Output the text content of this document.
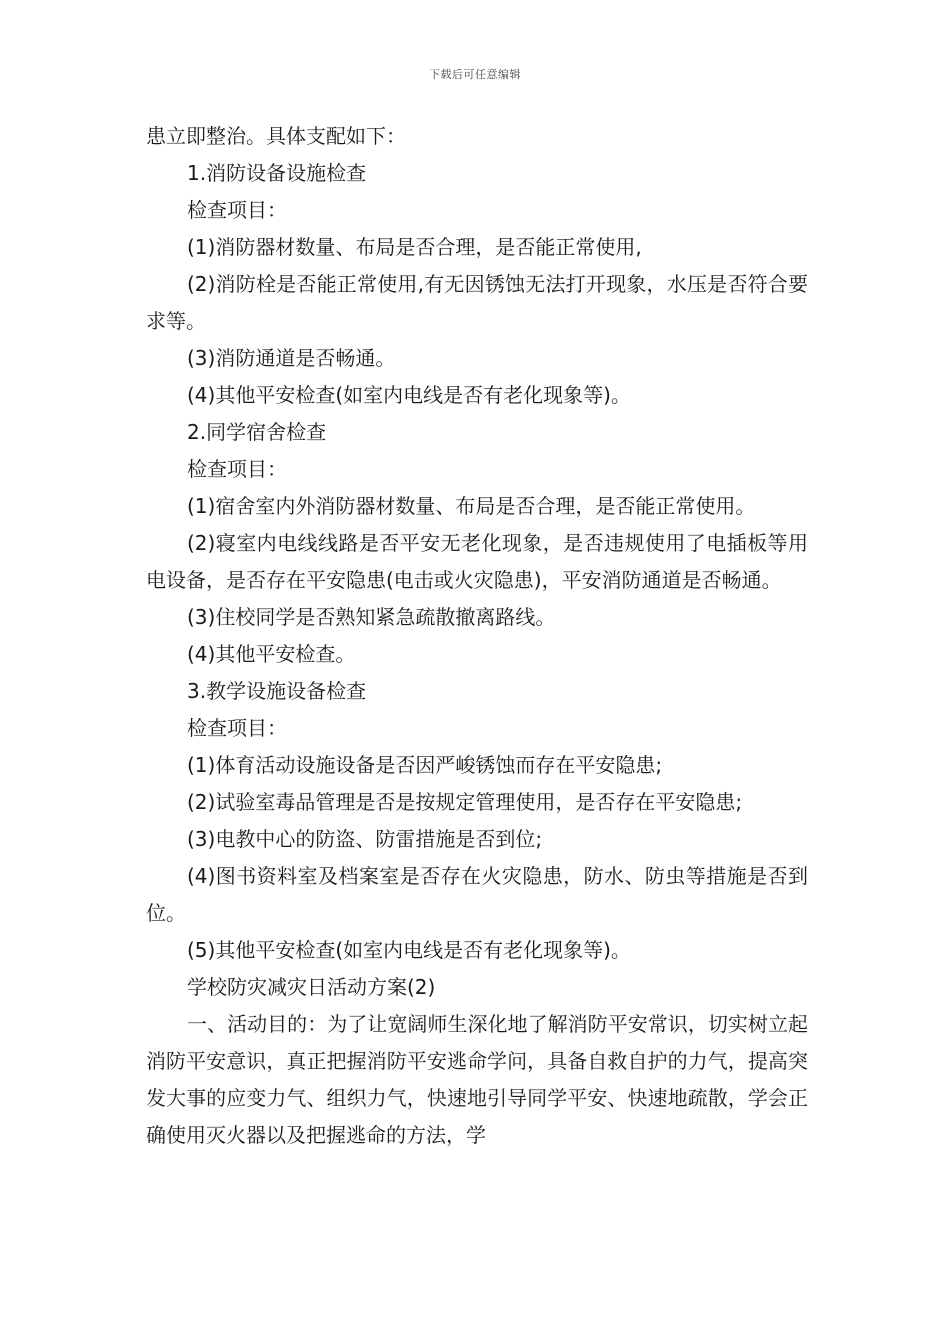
下载后可任意编辑

患立即整治。具体支配如下：

1.消防设备设施检查

检查项目：

(1)消防器材数量、布局是否合理，是否能正常使用,

(2)消防栓是否能正常使用,有无因锈蚀无法打开现象，水压是否符合要求等。

(3)消防通道是否畅通。

(4)其他平安检查(如室内电线是否有老化现象等)。

2.同学宿舍检查

检查项目：

(1)宿舍室内外消防器材数量、布局是否合理，是否能正常使用。

(2)寝室内电线线路是否平安无老化现象，是否违规使用了电插板等用电设备，是否存在平安隐患(电击或火灾隐患)，平安消防通道是否畅通。

(3)住校同学是否熟知紧急疏散撤离路线。

(4)其他平安检查。

3.教学设施设备检查

检查项目：

(1)体育活动设施设备是否因严峻锈蚀而存在平安隐患;

(2)试验室毒品管理是否是按规定管理使用，是否存在平安隐患;

(3)电教中心的防盗、防雷措施是否到位;

(4)图书资料室及档案室是否存在火灾隐患，防水、防虫等措施是否到位。

(5)其他平安检查(如室内电线是否有老化现象等)。

学校防灾减灾日活动方案(2)

一、活动目的：为了让宽阔师生深化地了解消防平安常识，切实树立起消防平安意识，真正把握消防平安逃命学问，具备自救自护的力气，提高突发大事的应变力气、组织力气，快速地引导同学平安、快速地疏散，学会正确使用灭火器以及把握逃命的方法，学
